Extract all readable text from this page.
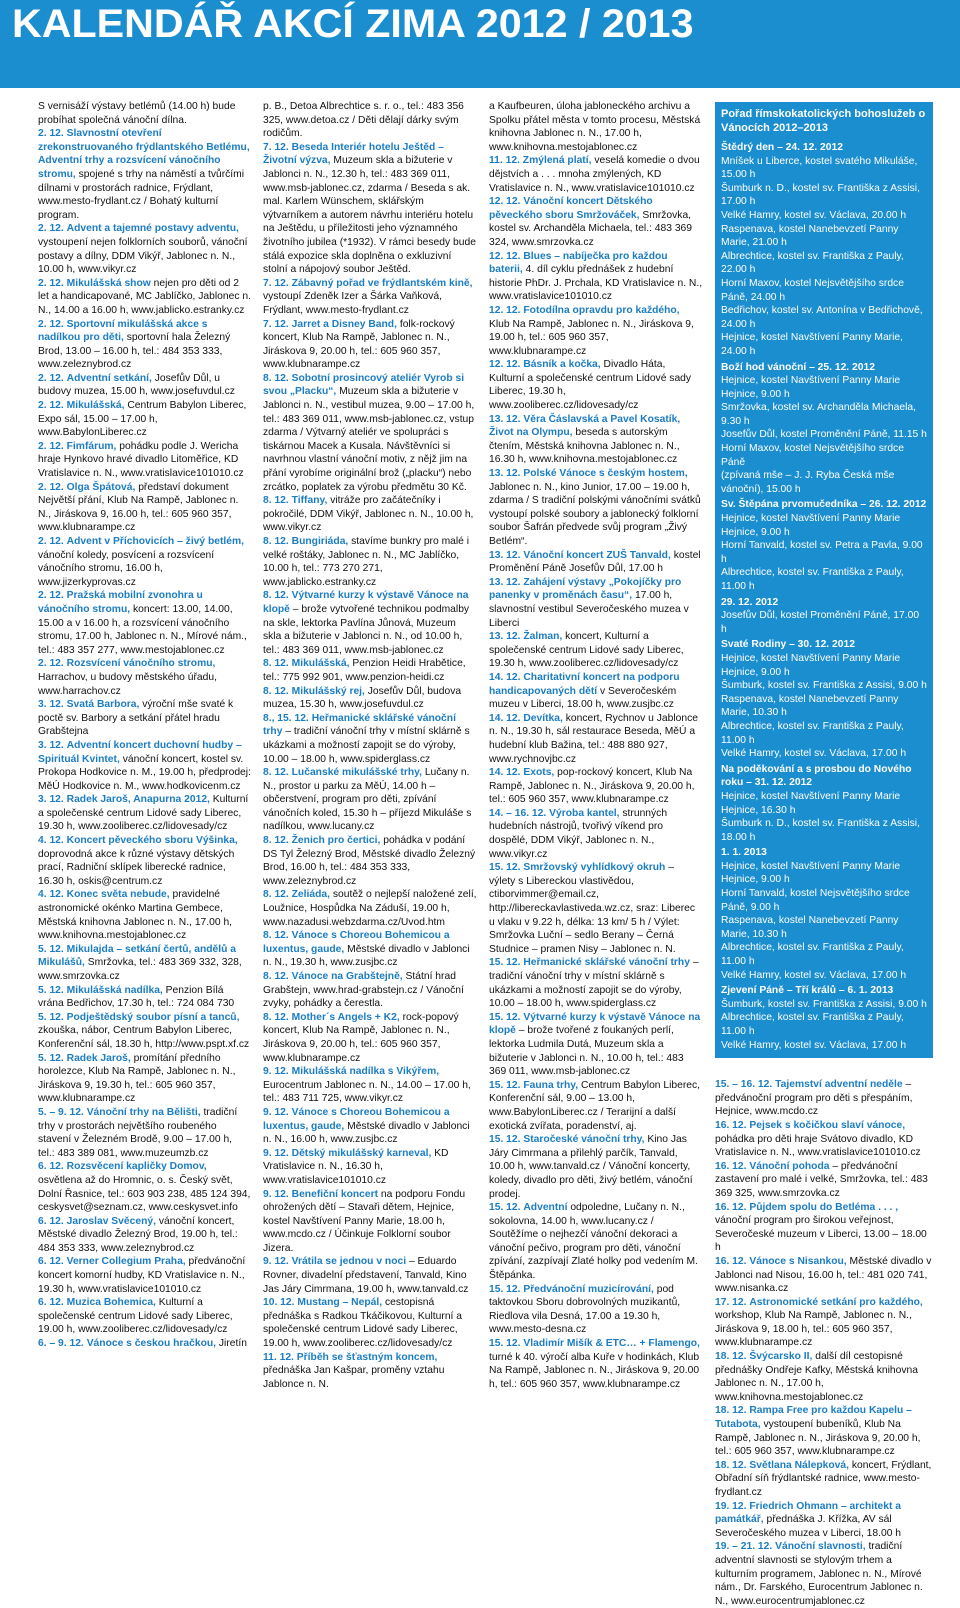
KALENDÁŘ AKCÍ ZIMA 2012 / 2013

S vernisáží výstavy betlémů (14.00 h) bude probíhat společná vánoční dílna.

2. 12. Slavnostní otevření zrekonstruovaného frýdlantského Betlému, Adventní trhy a rozsvícení vánočního stromu, spojené s trhy na náměstí a tvůrčími dílnami v prostorách radnice, Frýdlant, www.mesto-frydlant.cz / Bohatý kulturní program.

2. 12. Advent a tajemné postavy adventu, vystoupení nejen folklorních souborů, vánoční postavy a dílny, DDM Vikýř, Jablonec n. N., 10.00 h, www.vikyr.cz

2. 12. Mikulášská show nejen pro děti od 2 let a handicapované, MC Jablíčko, Jablonec n. N., 14.00 a 16.00 h, www.jablicko.estranky.cz

2. 12. Sportovní mikulášská akce s nadílkou pro děti, sportovní hala Železný Brod, 13.00 – 16.00 h, tel.: 484 353 333, www.zeleznybrod.cz

2. 12. Adventní setkání, Josefův Důl, u budovy muzea, 15.00 h, www.josefuvdul.cz

2. 12. Mikulášská, Centrum Babylon Liberec, Expo sál, 15.00 – 17.00 h, www.BabylonLiberec.cz

2. 12. Fimfárum, pohádku podle J. Wericha hraje Hynkovo hravé divadlo Litoměřice, KD Vratislavice n. N., www.vratislavice101010.cz

2. 12. Olga Špátová, představí dokument Největší přání, Klub Na Rampě, Jablonec n. N., Jiráskova 9, 16.00 h, tel.: 605 960 357, www.klubnarampe.cz

2. 12. Advent v Příchovicích – živý betlém, vánoční koledy, posvícení a rozsvícení vánočního stromu, 16.00 h, www.jizerkyprovas.cz

2. 12. Pražská mobilní zvonohra u vánočního stromu, koncert: 13.00, 14.00, 15.00 a v 16.00 h, a rozsvícení vánočního stromu, 17.00 h, Jablonec n. N., Mírové nám., tel.: 483 357 277, www.mestojablonec.cz

2. 12. Rozsvícení vánočního stromu, Harrachov, u budovy městského úřadu, www.harrachov.cz

3. 12. Svatá Barbora, výroční mše svaté k poctě sv. Barbory a setkání přátel hradu Grabštejna

3. 12. Adventní koncert duchovní hudby – Spirituál Kvintet, vánoční koncert, kostel sv. Prokopa Hodkovice n. M., 19.00 h, předprodej: MěÚ Hodkovice n. M., www.hodkovicenm.cz

3. 12. Radek Jaroš, Anapurna 2012, Kulturní a společenské centrum Lidové sady Liberec, 19.30 h, www.zooliberec.cz/lidovesady/cz

4. 12. Koncert pěveckého sboru Výšinka, doprovodná akce k různé výstavy dětských prací, Radniční sklípek liberecké radnice, 16.30 h, oskis@centrum.cz

4. 12. Konec světa nebude, pravidelné astronomické okénko Martina Gembece, Městská knihovna Jablonec n. N., 17.00 h, www.knihovna.mestojablonec.cz

5. 12. Mikulajda – setkání čertů, andělů a Mikulášů, Smržovka, tel.: 483 369 332, 328, www.smrzovka.cz

5. 12. Mikulášská nadílka, Penzion Bílá vrána Bedřichov, 17.30 h, tel.: 724 084 730

5. 12. Podještědský soubor písní a tanců, zkouška, nábor, Centrum Babylon Liberec, Konferenční sál, 18.30 h, http://www.pspt.xf.cz

5. 12. Radek Jaroš, promítání předního horolezce, Klub Na Rampě, Jablonec n. N., Jiráskova 9, 19.30 h, tel.: 605 960 357, www.klubnarampe.cz

5. – 9. 12. Vánoční trhy na Bělišti, tradiční trhy v prostorách největšího roubeného stavení v Železném Brodě, 9.00 – 17.00 h, tel.: 483 389 081, www.muzeumzb.cz

6. 12. Rozsvěcení kapličky Domov, osvětlena až do Hromnic, o. s. Český svět, Dolní Řasnice, tel.: 603 903 238, 485 124 394, ceskysvet@seznam.cz, www.ceskysvet.info

6. 12. Jaroslav Svěcený, vánoční koncert, Městské divadlo Železný Brod, 19.00 h, tel.: 484 353 333, www.zeleznybrod.cz

6. 12. Verner Collegium Praha, předvánoční koncert komorní hudby, KD Vratislavice n. N., 19.30 h, www.vratislavice101010.cz

6. 12. Muzica Bohemica, Kulturní a společenské centrum Lidové sady Liberec, 19.00 h, www.zooliberec.cz/lidovesady/cz

6. – 9. 12. Vánoce s českou hračkou, Jiretín

p. B., Detoa Albrechtice s. r. o., tel.: 483 356 325, www.detoa.cz / Děti dělají dárky svým rodičům.

7. 12. Beseda Interiér hotelu Ještěd – Životní výzva, Muzeum skla a bižuterie v Jablonci n. N., 12.30 h, tel.: 483 369 011, www.msb-jablonec.cz, zdarma / Beseda s ak. mal. Karlem Wünschem, sklářským výtvarníkem a autorem návrhu interiéru hotelu na Ještědu, u příležitosti jeho významného životního jubilea (*1932). V rámci besedy bude stálá expozice skla doplněna o exkluzivní stolní a nápojový soubor Ještěd.

7. 12. Zábavný pořad ve frýdlantském kině, vystoupí Zdeněk Izer a Šárka Vaňková, Frýdlant, www.mesto-frydlant.cz

7. 12. Jarret a Disney Band, folk-rockový koncert, Klub Na Rampě, Jablonec n. N., Jiráskova 9, 20.00 h, tel.: 605 960 357, www.klubnarampe.cz

8. 12. Sobotní prosincový ateliér Vyrob si svou „Placku“, Muzeum skla a bižuterie v Jablonci n. N., vestibul muzea, 9.00 – 17.00 h, tel.: 483 369 011, www.msb-jablonec.cz, vstup zdarma / Výtvarný ateliér ve spolupráci s tiskárnou Macek a Kusala. Návštěvníci si navrhnou vlastní vánoční motiv, z nějž jim na přání vyrobíme originální brož („placku“) nebo zrcátko, poplatek za výrobu předmětu 30 Kč.

8. 12. Tiffany, vitráže pro začátečníky i pokročilé, DDM Vikýř, Jablonec n. N., 10.00 h, www.vikyr.cz

8. 12. Bungiriáda, stavíme bunkry pro malé i velké roštáky, Jablonec n. N., MC Jablíčko, 10.00 h, tel.: 773 270 271, www.jablicko.estranky.cz

8. 12. Výtvarné kurzy k výstavě Vánoce na klopě – brože vytvořené technikou podmalby na skle, lektorka Pavlína Jůnová, Muzeum skla a bižuterie v Jablonci n. N., od 10.00 h, tel.: 483 369 011, www.msb-jablonec.cz

8. 12. Mikulášská, Penzion Heidi Hrabětice, tel.: 775 992 901, www.penzion-heidi.cz

8. 12. Mikulášský rej, Josefův Důl, budova muzea, 15.30 h, www.josefuvdul.cz

8., 15. 12. Heřmanické sklářské vánoční trhy – tradiční vánoční trhy v místní sklárně s ukázkami a možností zapojit se do výroby, 10.00 – 18.00 h, www.spiderglass.cz

8. 12. Lučanské mikulášské trhy, Lučany n. N., prostor u parku za MěÚ, 14.00 h – občerstvení, program pro děti, zpívání vánočních koled, 15.30 h – příjezd Mikuláše s nadílkou, www.lucany.cz

8. 12. Ženich pro čertici, pohádka v podání DS Tyl Železný Brod, Městské divadlo Železný Brod, 16.00 h, tel.: 484 353 333, www.zeleznybrod.cz

8. 12. Zeliáda, soutěž o nejlepší naložené zelí, Loužnice, Hospůdka Na Záduší, 19.00 h, www.nazadusi.webzdarma.cz/Uvod.htm

8. 12. Vánoce s Choreou Bohemicou a luxentus, gaude, Městské divadlo v Jablonci n. N., 19.30 h, www.zusjbc.cz

8. 12. Vánoce na Grabštejně, Státní hrad Grabštejn, www.hrad-grabstejn.cz / Vánoční zvyky, pohádky a čerestla.

8. 12. Mother´s Angels + K2, rock-popový koncert, Klub Na Rampě, Jablonec n. N., Jiráskova 9, 20.00 h, tel.: 605 960 357, www.klubnarampe.cz

9. 12. Mikulášská nadílka s Vikýřem, Eurocentrum Jablonec n. N., 14.00 – 17.00 h, tel.: 483 711 725, www.vikyr.cz

9. 12. Vánoce s Choreou Bohemicou a luxentus, gaude, Městské divadlo v Jablonci n. N., 16.00 h, www.zusjbc.cz

9. 12. Dětský mikulášský karneval, KD Vratislavice n. N., 16.30 h, www.vratislavice101010.cz

9. 12. Benefiční koncert na podporu Fondu ohrožených dětí – Stavaři dětem, Hejnice, kostel Navštívení Panny Marie, 18.00 h, www.mcdo.cz / Účinkuje Folklorní soubor Jizera.

9. 12. Vrátila se jednou v noci – Eduardo Rovner, divadelní představení, Tanvald, Kino Jas Járy Cimrmana, 19.00 h, www.tanvald.cz

10. 12. Mustang – Nepál, cestopisná přednáška s Radkou Tkáčikovou, Kulturní a společenské centrum Lidové sady Liberec, 19.00 h, www.zooliberec.cz/lidovesady/cz

11. 12. Příběh se šťastným koncem, přednáška Jan Kašpar, proměny vztahu Jablonce n. N.

a Kaufbeuren, úloha jabloneckého archivu a Spolku přátel města v tomto procesu, Městská knihovna Jablonec n. N., 17.00 h, www.knihovna.mestojablonec.cz

11. 12. Zmýlená platí, veselá komedie o dvou dějstvích a . . . mnoha zmýlených, KD Vratislavice n. N., www.vratislavice101010.cz

12. 12. Vánoční koncert Dětského pěveckého sboru Smržováček, Smržovka, kostel sv. Archanděla Michaela, tel.: 483 369 324, www.smrzovka.cz

12. 12. Blues – nabíječka pro každou baterii, 4. díl cyklu přednášek z hudební historie PhDr. J. Prchala, KD Vratislavice n. N., www.vratislavice101010.cz

12. 12. Fotodílna opravdu pro každého, Klub Na Rampě, Jablonec n. N., Jiráskova 9, 19.00 h, tel.: 605 960 357, www.klubnarampe.cz

12. 12. Básník a kočka, Divadlo Háta, Kulturní a společenské centrum Lidové sady Liberec, 19.30 h, www.zooliberec.cz/lidovesady/cz

13. 12. Věra Čáslavská a Pavel Kosatík, Život na Olympu, beseda s autorským čtením, Městská knihovna Jablonec n. N., 16.30 h, www.knihovna.mestojablonec.cz

13. 12. Polské Vánoce s českým hostem, Jablonec n. N., kino Junior, 17.00 – 19.00 h, zdarma / S tradiční polskými vánočními svátků vystoupí polské soubory a jablonecký folklorní soubor Šafrán předvede svůj program „Živý Betlém“.

13. 12. Vánoční koncert ZUŠ Tanvald, kostel Proměnění Páně Josefův Důl, 17.00 h

13. 12. Zahájení výstavy „Pokojíčky pro panenky v proměnách času“, 17.00 h, slavnostní vestibul Severočeského muzea v Liberci

13. 12. Žalman, koncert, Kulturní a společenské centrum Lidové sady Liberec, 19.30 h, www.zooliberec.cz/lidovesady/cz

14. 12. Charitativní koncert na podporu handicapovaných dětí v Severočeském muzeu v Liberci, 18.00 h, www.zusjbc.cz

14. 12. Devítka, koncert, Rychnov u Jablonce n. N., 19.30 h, sál restaurace Beseda, MěÚ a hudební klub Bažina, tel.: 488 880 927, www.rychnovjbc.cz

14. 12. Exots, pop-rockový koncert, Klub Na Rampě, Jablonec n. N., Jiráskova 9, 20.00 h, tel.: 605 960 357, www.klubnarampe.cz

14. – 16. 12. Výroba kantel, strunných hudebních nástrojů, tvořivý víkend pro dospělé, DDM Vikýř, Jablonec n. N., www.vikyr.cz

15. 12. Smržovský vyhlídkový okruh – výlety s Libereckou vlastivědou, ctiborvimmer@email.cz, http://libereckavlastiveda.wz.cz, sraz: Liberec u vlaku v 9.22 h, délka: 13 km/ 5 h / Výlet: Smržovka Luční – sedlo Berany – Černá Studnice – pramen Nisy – Jablonec n. N.

15. 12. Heřmanické sklářské vánoční trhy – tradiční vánoční trhy v místní sklárně s ukázkami a možností zapojit se do výroby, 10.00 – 18.00 h, www.spiderglass.cz

15. 12. Výtvarné kurzy k výstavě Vánoce na klopě – brože tvořené z foukaných perlí, lektorka Ludmila Dutá, Muzeum skla a bižuterie v Jablonci n. N., 10.00 h, tel.: 483 369 011, www.msb-jablonec.cz

15. 12. Fauna trhy, Centrum Babylon Liberec, Konferenční sál, 9.00 – 13.00 h, www.BabylonLiberec.cz / Terarijní a další exotická zvířata, poradenství, aj.

15. 12. Staročeské vánoční trhy, Kino Jas Járy Cimrmana a přilehlý parčík, Tanvald, 10.00 h, www.tanvald.cz / Vánoční koncerty, koledy, divadlo pro děti, živý betlém, vánoční prodej.

15. 12. Adventní odpoledne, Lučany n. N., sokolovna, 14.00 h, www.lucany.cz / Soutěžíme o nejhezčí vánoční dekoraci a vánoční pečivo, program pro děti, vánoční zpívání, zazpívají Zlaté holky pod vedením M. Štěpánka.

15. 12. Předvánoční muzicírování, pod taktovkou Sboru dobrovolných muzikantů, Riedlova vila Desná, 17.00 a 19.30 h, www.mesto-desna.cz

15. 12. Vladimír Mišík & ETC… + Flamengo, turné k 40. výročí alba Kuře v hodinkách, Klub Na Rampě, Jablonec n. N., Jiráskova 9, 20.00 h, tel.: 605 960 357, www.klubnarampe.cz

Pořad římskokatolických bohoslužeb o Vánocích 2012–2013
Štědrý den – 24. 12. 2012
Mníšek u Liberce, kostel svatého Mikuláše, 15.00 h
Šumburk n. D., kostel sv. Františka z Assisi, 17.00 h
Velké Hamry, kostel sv. Václava, 20.00 h
Raspenava, kostel Nanebevzetí Panny Marie, 21.00 h
Albrechtice, kostel sv. Františka z Pauly, 22.00 h
Horní Maxov, kostel Nejsvětějšího srdce Páně, 24.00 h
Bedřichov, kostel sv. Antonína v Bedřichově, 24.00 h
Hejnice, kostel Navštívení Panny Marie, 24.00 h
Boží hod vánoční – 25. 12. 2012
Hejnice, kostel Navštívení Panny Marie Hejnice, 9.00 h
Smržovka, kostel sv. Archanděla Michaela, 9.30 h
Josefův Důl, kostel Proměnění Páně, 11.15 h
Horní Maxov, kostel Nejsvětějšího srdce Páně
(zpívaná mše – J. J. Ryba Česká mše vánoční), 15.00 h
Sv. Štěpána prvomučedníka – 26. 12. 2012
Hejnice, kostel Navštívení Panny Marie Hejnice, 9.00 h
Horní Tanvald, kostel sv. Petra a Pavla, 9.00 h
Albrechtice, kostel sv. Františka z Pauly, 11.00 h
29. 12. 2012
Josefův Důl, kostel Proměnění Páně, 17.00 h
Svaté Rodiny – 30. 12. 2012
Hejnice, kostel Navštívení Panny Marie Hejnice, 9.00 h
Šumburk, kostel sv. Františka z Assisi, 9.00 h
Raspenava, kostel Nanebevzetí Panny Marie, 10.30 h
Albrechtice, kostel sv. Františka z Pauly, 11.00 h
Velké Hamry, kostel sv. Václava, 17.00 h
Na poděkování a s prosbou do Nového roku – 31. 12. 2012
Hejnice, kostel Navštívení Panny Marie Hejnice, 16.30 h
Šumburk n. D., kostel sv. Františka z Assisi, 18.00 h
1. 1. 2013
Hejnice, kostel Navštívení Panny Marie Hejnice, 9.00 h
Horní Tanvald, kostel Nejsvětějšího srdce Páně, 9.00 h
Raspenava, kostel Nanebevzetí Panny Marie, 10.30 h
Albrechtice, kostel sv. Františka z Pauly, 11.00 h
Velké Hamry, kostel sv. Václava, 17.00 h
Zjevení Páně – Tří králů – 6. 1. 2013
Šumburk, kostel sv. Františka z Assisi, 9.00 h
Albrechtice, kostel sv. Františka z Pauly, 11.00 h
Velké Hamry, kostel sv. Václava, 17.00 h

15. – 16. 12. Tajemství adventní neděle – předvánoční program pro děti s přespáním, Hejnice, www.mcdo.cz

16. 12. Pejsek s kočičkou slaví vánoce, pohádka pro děti hraje Svátovo divadlo, KD Vratislavice n. N., www.vratislavice101010.cz

16. 12. Vánoční pohoda – předvánoční zastavení pro malé i velké, Smržovka, tel.: 483 369 325, www.smrzovka.cz

16. 12. Půjdem spolu do Betléma . . . , vánoční program pro širokou veřejnost, Severočeské muzeum v Liberci, 13.00 – 18.00 h

16. 12. Vánoce s Nisankou, Městské divadlo v Jablonci nad Nisou, 16.00 h, tel.: 481 020 741, www.nisanka.cz

17. 12. Astronomické setkání pro každého, workshop, Klub Na Rampě, Jablonec n. N., Jiráskova 9, 18.00 h, tel.: 605 960 357, www.klubnarampe.cz

18. 12. Švýcarsko II, další díl cestopisné přednášky Ondřeje Kafky, Městská knihovna Jablonec n. N., 17.00 h, www.knihovna.mestojablonec.cz

18. 12. Rampa Free pro každou Kapelu – Tutabota, vystoupení bubeníků, Klub Na Rampě, Jablonec n. N., Jiráskova 9, 20.00 h, tel.: 605 960 357, www.klubnarampe.cz

18. 12. Světlana Nálepková, koncert, Frýdlant, Obřadní síň frýdlantské radnice, www.mesto-frydlant.cz

19. 12. Friedrich Ohmann – architekt a památkář, přednáška J. Křížka, AV sál Severočeského muzea v Liberci, 18.00 h

19. – 21. 12. Vánoční slavnosti, tradiční adventní slavnosti se stylovým trhem a kulturním programem, Jablonec n. N., Mírové nám., Dr. Farského, Eurocentrum Jablonec n. N., www.eurocentrumjablonec.cz
